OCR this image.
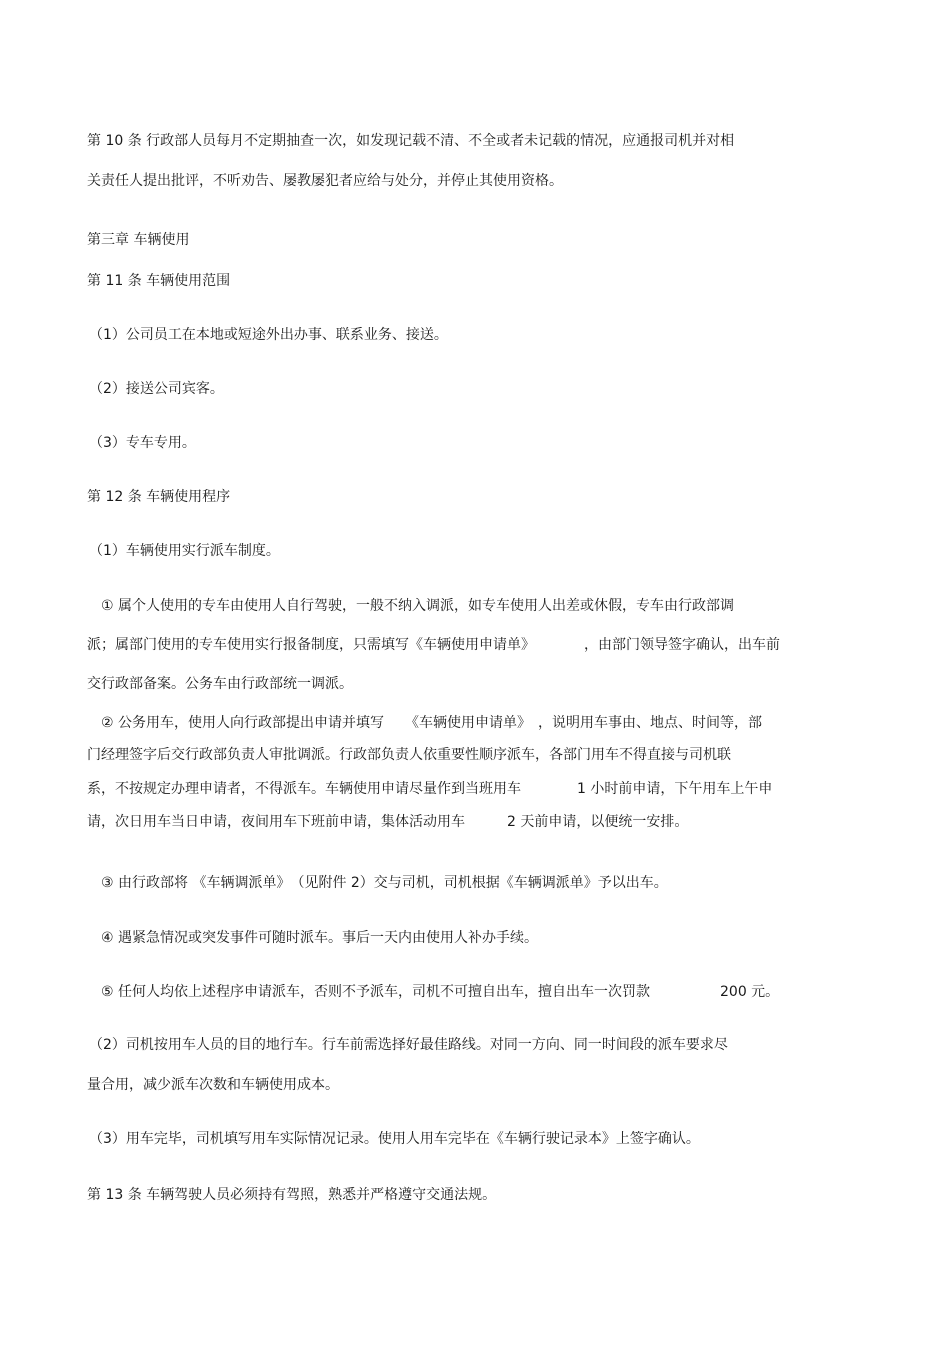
第 10 条 行政部人员每月不定期抽查一次，如发现记载不清、不全或者未记载的情况，应通报司机并对相

关责任人提出批评，不听劝告、屡教屡犯者应给与处分，并停止其使用资格。

第三章 车辆使用

第 11 条 车辆使用范围

（1）公司员工在本地或短途外出办事、联系业务、接送。

（2）接送公司宾客。

（3）专车专用。

第 12 条 车辆使用程序

（1）车辆使用实行派车制度。

① 属个人使用的专车由使用人自行驾驶，一般不纳入调派，如专车使用人出差或休假，专车由行政部调

派；属部门使用的专车使用实行报备制度，只需填写《车辆使用申请单》　　　　，由部门领导签字确认，出车前

交行政部备案。公务车由行政部统一调派。

② 公务用车，使用人向行政部提出申请并填写　　《车辆使用申请单》　，说明用车事由、地点、时间等，部

门经理签字后交行政部负责人审批调派。行政部负责人依重要性顺序派车，各部门用车不得直接与司机联

系，不按规定办理申请者，不得派车。车辆使用申请尽量作到当班用车　　　　1 小时前申请，下午用车上午申

请，次日用车当日申请，夜间用车下班前申请，集体活动用车　　　2 天前申请，以便统一安排。

③ 由行政部将 《车辆调派单》　（见附件 2）交与司机，司机根据《车辆调派单》予以出车。

④ 遇紧急情况或突发事件可随时派车。事后一天内由使用人补办手续。

⑤ 任何人均依上述程序申请派车，否则不予派车，司机不可擅自出车，擅自出车一次罚款　　　　　200 元。

（2）司机按用车人员的目的地行车。行车前需选择好最佳路线。对同一方向、同一时间段的派车要求尽

量合用，减少派车次数和车辆使用成本。

（3）用车完毕，司机填写用车实际情况记录。使用人用车完毕在《车辆行驶记录本》上签字确认。

第 13 条 车辆驾驶人员必须持有驾照，熟悉并严格遵守交通法规。
